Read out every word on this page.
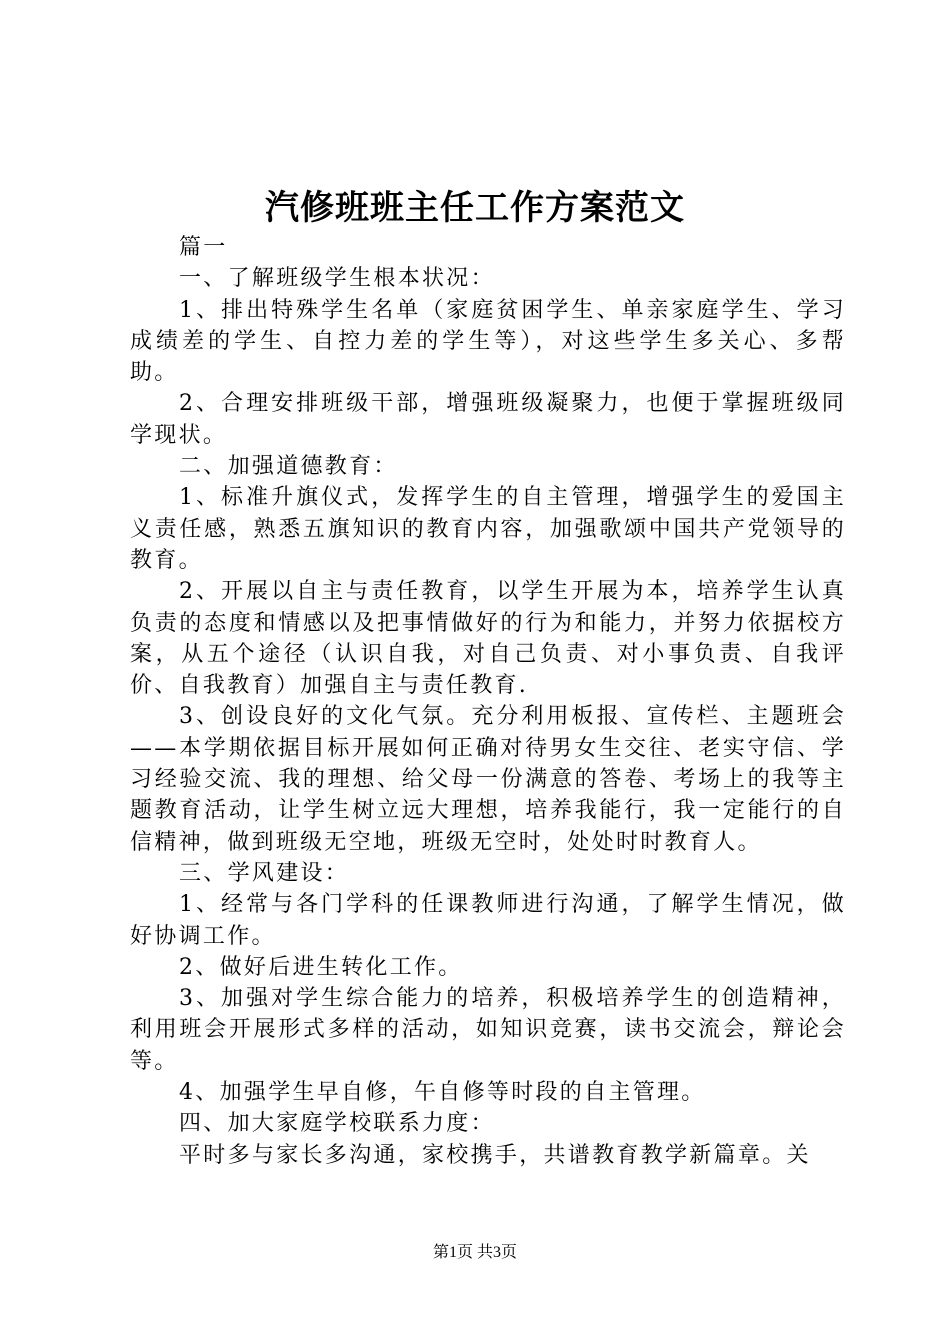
汽修班班主任工作方案范文

篇一

一、了解班级学生根本状况：

1、排出特殊学生名单（家庭贫困学生、单亲家庭学生、学习成绩差的学生、自控力差的学生等），对这些学生多关心、多帮助。

2、合理安排班级干部，增强班级凝聚力，也便于掌握班级同学现状。

二、加强道德教育：

1、标准升旗仪式，发挥学生的自主管理，增强学生的爱国主义责任感，熟悉五旗知识的教育内容，加强歌颂中国共产党领导的教育。

2、开展以自主与责任教育，以学生开展为本，培养学生认真负责的态度和情感以及把事情做好的行为和能力，并努力依据校方案，从五个途径（认识自我，对自己负责、对小事负责、自我评价、自我教育）加强自主与责任教育.

3、创设良好的文化气氛。充分利用板报、宣传栏、主题班会——本学期依据目标开展如何正确对待男女生交往、老实守信、学习经验交流、我的理想、给父母一份满意的答卷、考场上的我等主题教育活动，让学生树立远大理想，培养我能行，我一定能行的自信精神，做到班级无空地，班级无空时，处处时时教育人。

三、学风建设：

1、经常与各门学科的任课教师进行沟通，了解学生情况，做好协调工作。

2、做好后进生转化工作。

3、加强对学生综合能力的培养，积极培养学生的创造精神，利用班会开展形式多样的活动，如知识竞赛，读书交流会，辩论会等。

4、加强学生早自修，午自修等时段的自主管理。

四、加大家庭学校联系力度：

平时多与家长多沟通，家校携手，共谱教育教学新篇章。关

第1页 共3页
